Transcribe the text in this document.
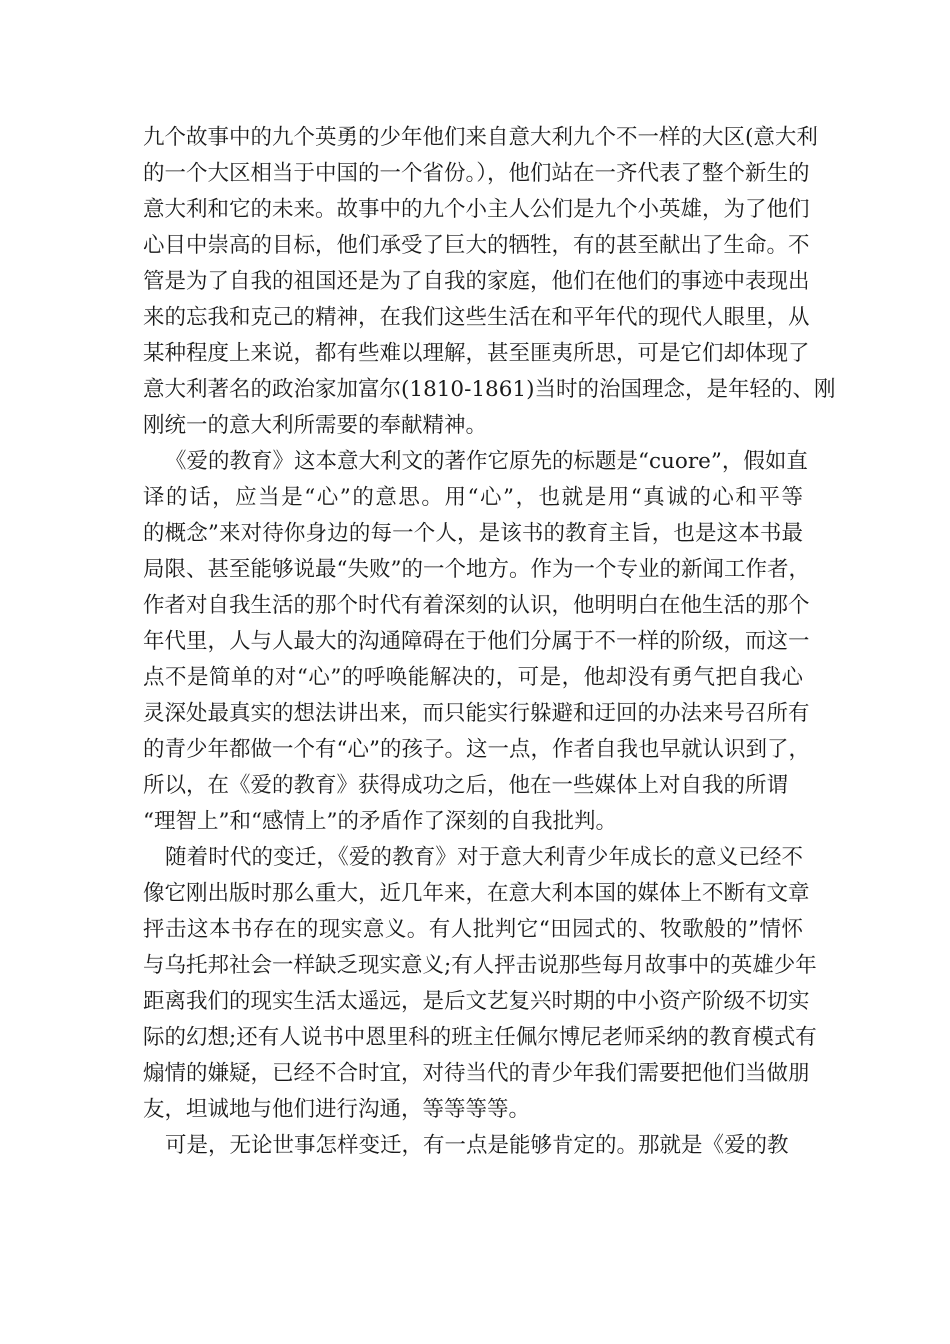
九个故事中的九个英勇的少年他们来自意大利九个不一样的大区(意大利
的一个大区相当于中国的一个省份。），他们站在一齐代表了整个新生的
意大利和它的未来。故事中的九个小主人公们是九个小英雄，为了他们
心目中崇高的目标，他们承受了巨大的牺牲，有的甚至献出了生命。不
管是为了自我的祖国还是为了自我的家庭，他们在他们的事迹中表现出
来的忘我和克己的精神，在我们这些生活在和平年代的现代人眼里，从
某种程度上来说，都有些难以理解，甚至匪夷所思，可是它们却体现了
意大利著名的政治家加富尔(1810-1861)当时的治国理念，是年轻的、刚
刚统一的意大利所需要的奉献精神。
《爱的教育》这本意大利文的著作它原先的标题是“cuore”，假如直
译的话，应当是“心”的意思。用“心”，也就是用“真诚的心和平等
的概念”来对待你身边的每一个人，是该书的教育主旨，也是这本书最
局限、甚至能够说最“失败”的一个地方。作为一个专业的新闻工作者，
作者对自我生活的那个时代有着深刻的认识，他明明白在他生活的那个
年代里，人与人最大的沟通障碍在于他们分属于不一样的阶级，而这一
点不是简单的对“心”的呼唤能解决的，可是，他却没有勇气把自我心
灵深处最真实的想法讲出来，而只能实行躲避和迂回的办法来号召所有
的青少年都做一个有“心”的孩子。这一点，作者自我也早就认识到了，
所以，在《爱的教育》获得成功之后，他在一些媒体上对自我的所谓
“理智上”和“感情上”的矛盾作了深刻的自我批判。
随着时代的变迁，《爱的教育》对于意大利青少年成长的意义已经不
像它刚出版时那么重大，近几年来，在意大利本国的媒体上不断有文章
抨击这本书存在的现实意义。有人批判它“田园式的、牧歌般的”情怀
与乌托邦社会一样缺乏现实意义;有人抨击说那些每月故事中的英雄少年
距离我们的现实生活太遥远，是后文艺复兴时期的中小资产阶级不切实
际的幻想;还有人说书中恩里科的班主任佩尔博尼老师采纳的教育模式有
煽情的嫌疑，已经不合时宜，对待当代的青少年我们需要把他们当做朋
友，坦诚地与他们进行沟通，等等等等。
可是，无论世事怎样变迁，有一点是能够肯定的。那就是《爱的教
